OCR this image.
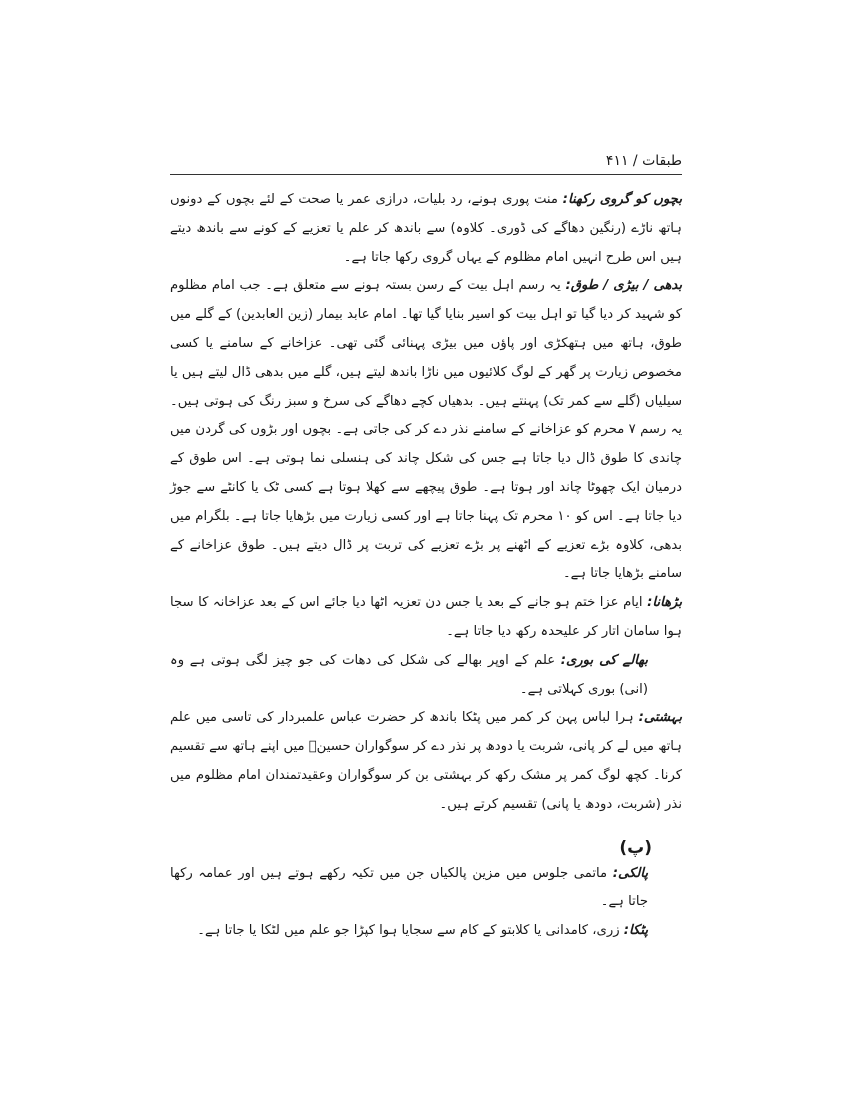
طبقات / ۴۱۱

بچوں کو گروی رکھنا: منت پوری ہونے، رد بلیات، درازی عمر یا صحت کے لئے بچوں کے دونوں ہاتھ ناڑے (رنگین دھاگے کی ڈوری۔ کلاوہ) سے باندھ کر علم یا تعزیے کے کونے سے باندھ دیتے ہیں اس طرح انہیں امام مظلوم کے یہاں گروی رکھا جاتا ہے۔

بدھی / بیڑی / طوق: یہ رسم اہل بیت کے رسن بستہ ہونے سے متعلق ہے۔ جب امام مظلوم کو شہید کر دیا گیا تو اہل بیت کو اسیر بنایا گیا تھا۔ امام عابد بیمار (زین العابدین) کے گلے میں طوق، ہاتھ میں ہتھکڑی اور پاؤں میں بیڑی پہنائی گئی تھی۔ عزاخانے کے سامنے یا کسی مخصوص زیارت پر گھر کے لوگ کلائیوں میں ناڑا باندھ لیتے ہیں، گلے میں بدھی ڈال لیتے ہیں یا سیلیاں (گلے سے کمر تک) پہنتے ہیں۔ بدھیاں کچے دھاگے کی سرخ و سبز رنگ کی ہوتی ہیں۔ یہ رسم ۷ محرم کو عزاخانے کے سامنے نذر دے کر کی جاتی ہے۔ بچوں اور بڑوں کی گردن میں چاندی کا طوق ڈال دیا جاتا ہے جس کی شکل چاند کی ہنسلی نما ہوتی ہے۔ اس طوق کے درمیان ایک چھوٹا چاند اور ہوتا ہے۔ طوق پیچھے سے کھلا ہوتا ہے کسی ٹک یا کانٹے سے جوڑ دیا جاتا ہے۔ اس کو ۱۰ محرم تک پہنا جاتا ہے اور کسی زیارت میں بڑھایا جاتا ہے۔ بلگرام میں بدھی، کلاوہ بڑے تعزیے کے اٹھنے پر بڑے تعزیے کی تربت پر ڈال دیتے ہیں۔ طوق عزاخانے کے سامنے بڑھایا جاتا ہے۔

بڑھانا: ایام عزا ختم ہو جانے کے بعد یا جس دن تعزیہ اٹھا دیا جائے اس کے بعد عزاخانہ کا سجا ہوا سامان اتار کر علیحدہ رکھ دیا جاتا ہے۔

بھالے کی بوری: علم کے اوپر بھالے کی شکل کی دھات کی جو چیز لگی ہوتی ہے وہ (انی) بوری کہلاتی ہے۔

بہشتی: ہرا لباس پہن کر کمر میں پٹکا باندھ کر حضرت عباس علمبردار کی تاسی میں علم ہاتھ میں لے کر پانی، شربت یا دودھ پر نذر دے کر سوگواران حسینؑ میں اپنے ہاتھ سے تقسیم کرنا۔ کچھ لوگ کمر پر مشک رکھ کر بہشتی بن کر سوگواران وعقیدتمندان امام مظلوم میں نذر (شربت، دودھ یا پانی) تقسیم کرتے ہیں۔

(پ)

پالکی: ماتمی جلوس میں مزین پالکیاں جن میں تکیہ رکھے ہوتے ہیں اور عمامہ رکھا جاتا ہے۔

پٹکا: زری، کامدانی یا کلابتو کے کام سے سجایا ہوا کپڑا جو علم میں لٹکا یا جاتا ہے۔
